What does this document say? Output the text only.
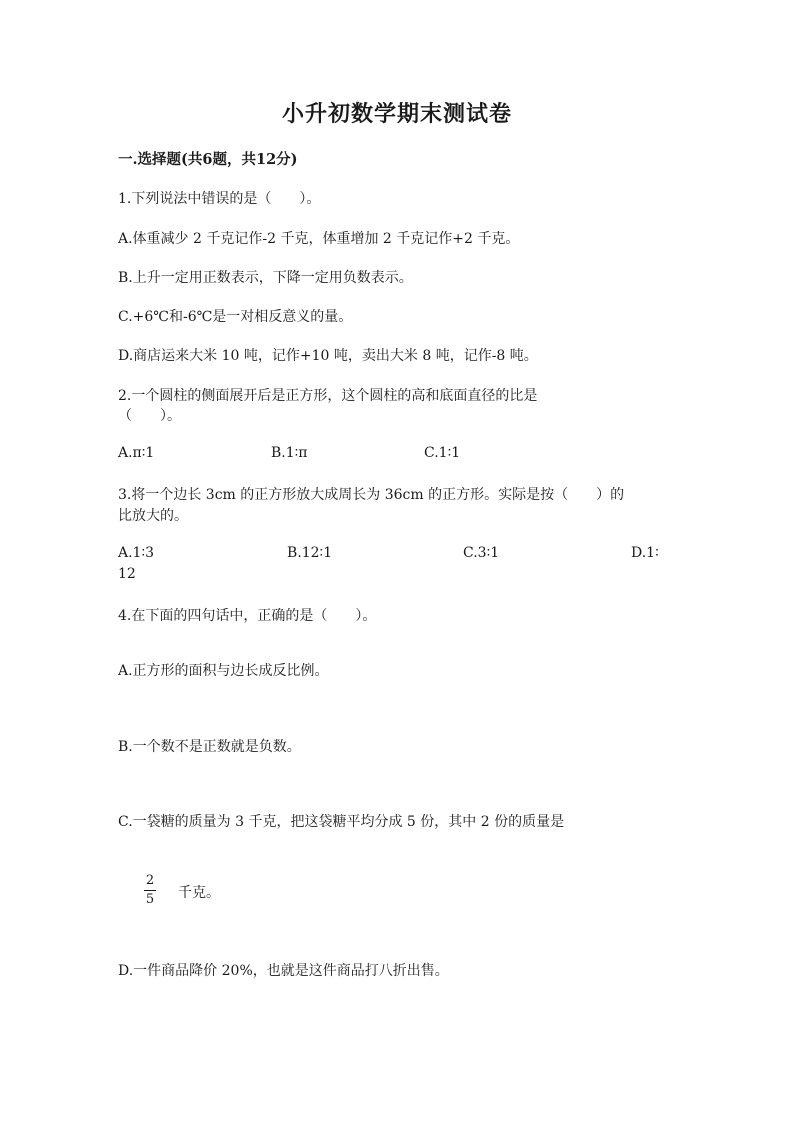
小升初数学期末测试卷
一.选择题(共6题，共12分)
1.下列说法中错误的是（　　）。
A.体重减少 2 千克记作-2 千克，体重增加 2 千克记作+2 千克。
B.上升一定用正数表示，下降一定用负数表示。
C.+6℃和-6℃是一对相反意义的量。
D.商店运来大米 10 吨，记作+10 吨，卖出大米 8 吨，记作-8 吨。
2.一个圆柱的侧面展开后是正方形，这个圆柱的高和底面直径的比是
（　　）。
A.π∶1	B.1∶π	C.1∶1
3.将一个边长 3cm 的正方形放大成周长为 36cm 的正方形。实际是按（　　）的
比放大的。
A.1∶3	B.12∶1	C.3∶1	D.1∶
12
4.在下面的四句话中，正确的是（　　）。
A.正方形的面积与边长成反比例。
B.一个数不是正数就是负数。
C.一袋糖的质量为 3 千克，把这袋糖平均分成 5 份，其中 2 份的质量是
2
5 千克。
D.一件商品降价 20%，也就是这件商品打八折出售。
